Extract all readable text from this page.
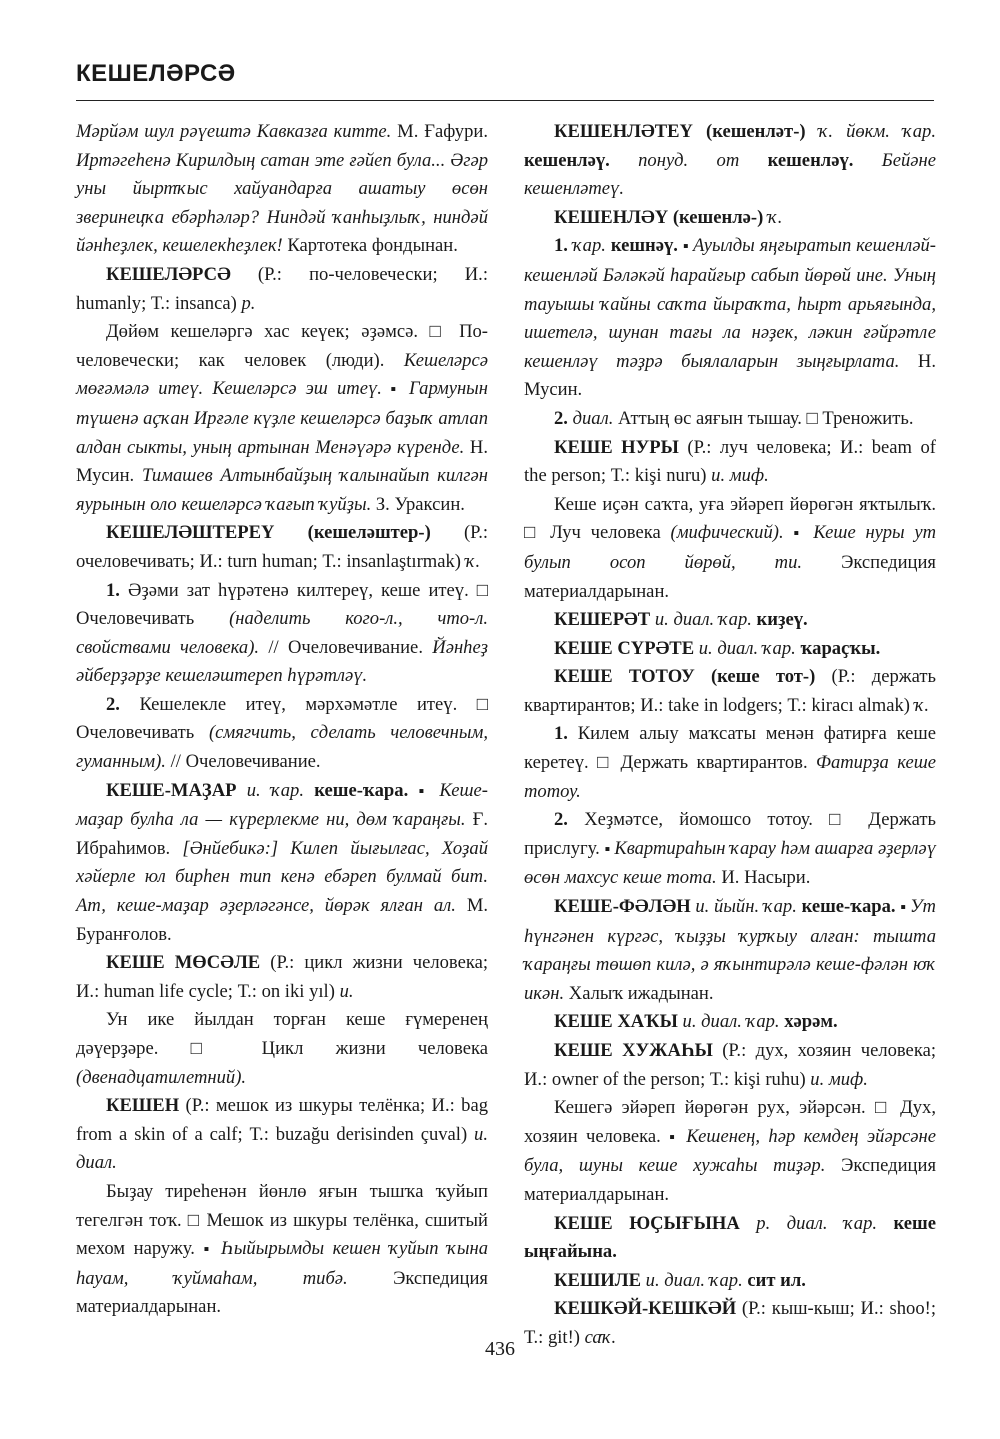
КЕШЕЛӘРСӘ

Мәрйәм шул рәүештә Кавказға китте. М. Ғафури. Иртәгеһенә Кирилдың сатан эте ғәйеп була... Әгәр уны йыртҡыс хайуандарға ашатыу өсөн зверинецҡа ебәрһәләр? Ниндәй ҡанһыҙлыҡ, ниндәй йәнһеҙлек, кешелекһеҙлек! Картотека фондынан.

КЕШЕЛӘРСӘ (Р.: по-человечески; И.: humanly; Т.: insanca) р.

Дөйөм кешеләргә хас кеүек; әҙәмсә. □ По-человечески; как человек (люди). Кешеләрсә мөғәмәлә итеү. Кешеләрсә эш итеү. ▪ Гармунын түшенә аҫҡан Ирғәле күҙле кешеләрсә баҙыҡ атлап алдан сыкты, уның артынан Менәүәрә күренде. Н. Мусин. Тимашев Алтынбайҙың ҡалынайып килгән яурынын оло кешеләрсә ҡағып ҡуйҙы. З. Ураксин.

КЕШЕЛӘШТЕРЕҮ (кешеләштер-) (Р.: очеловечивать; И.: turn human; Т.: insanlaştırmak) ҡ.

1. Әҙәми зат һүрәтенә килтереү, кеше итеү. □ Очеловечивать (наделить кого-л., что-л. свойствами человека). // Очеловечивание. Йәнһеҙ әйберҙәрҙе кешеләштереп һүрәтләү.

2. Кешелекле итеү, мәрхәмәтле итеү. □ Очеловечивать (смягчить, сделать человечным, гуманным). // Очеловечивание.

КЕШЕ-МАҘАР и. ҡар. кеше-ҡара. ▪ Кеше-маҙар булһа ла — күрерлекме ни, дөм ҡараңғы. Ғ. Ибраһимов. [Әнйебикә:] Килеп йығылғас, Хоҙай хәйерле юл бирһен тип кенә ебәреп булмай бит. Ат, кеше-маҙар әҙерләгәнсе, йөрәк ялған ал. М. Буранғолов.

КЕШЕ МӨСӘЛЕ (Р.: цикл жизни человека; И.: human life cycle; Т.: on iki yıl) и.

Ун ике йылдан торған кеше ғүмеренең дәүерҙәре. □ Цикл жизни человека (двенадцатилетний).

КЕШЕН (Р.: мешок из шкуры телёнка; И.: bag from a skin of a calf; Т.: buzağu derisinden çuval) и. диал.

Быҙау тиреһенән йөнлө яғын тышҡа ҡуйып тегелгән тоҡ. □ Мешок из шкуры телёнка, сшитый мехом наружу. ▪ Һыйырымды кешен ҡуйып ҡына һауам, ҡуймаһам, тибә. Экспедиция материалдарынан.

КЕШЕНЛӘТЕҮ (кешенләт-) ҡ. йөкм. ҡар. кешенләү. понуд. от кешенләү. Бейәне кешенләтеү.

КЕШЕНЛӘҮ (кешенлә-) ҡ.

1. ҡар. кешнәү. ▪ Ауылды яңғыратып кешенләй-кешенләй Бәләкәй һарайғыр сабып йөрөй ине. Уның тауышы ҡайны саҡта йыраҡта, һырт арьяғында, ишетелә, шунан тағы ла нәҙек, ләкин ғәйрәтле кешенләү тәҙрә быялаларын зыңғырлата. Н. Мусин.

2. диал. Аттың өс аяғын тышау. □ Треножить.

КЕШЕ НУРЫ (Р.: луч человека; И.: beam of the person; Т.: kişi nuru) и. миф.

Кеше иҫән саҡта, уға эйәреп йөрөгән яҡтылыҡ. □ Луч человека (мифический). ▪ Кеше нуры ут булып осоп йөрөй, ти. Экспедиция материалдарынан.

КЕШЕРӘТ и. диал. ҡар. киҙеү.

КЕШЕ СҮРӘТЕ и. диал. ҡар. ҡараҫҡы.

КЕШЕ ТОТОУ (кеше тот-) (Р.: держать квартирантов; И.: take in lodgers; Т.: kiracı almak) ҡ.

1. Килем алыу маҡсаты менән фатирға кеше керетеү. □ Держать квартирантов. Фатирҙа кеше тотоу.

2. Хеҙмәтсе, йомошсо тотоу. □ Держать прислугу. ▪ Квартираһын ҡарау һәм ашарға әҙерләү өсөн махсус кеше тота. И. Насыри.

КЕШЕ-ФӘЛӘН и. йыйн. ҡар. кеше-ҡара. ▪ Ут һүнгәнен күргәс, ҡыҙҙы ҡурҡыу алған: тышта ҡараңғы төшөп килә, ә яҡынтирәлә кеше-фәлән юҡ икән. Халыҡ ижадынан.

КЕШЕ ХАҠЫ и. диал. ҡар. хәрәм.

КЕШЕ ХУЖАҺЫ (Р.: дух, хозяин человека; И.: owner of the person; Т.: kişi ruhu) и. миф.

Кешегә эйәреп йөрөгән рух, эйәрсән. □ Дух, хозяин человека. ▪ Кешенең, һәр кемдең эйәрсәне була, шуны кеше хужаһы тиҙәр. Экспедиция материалдарынан.

КЕШЕ ЮҪЫҒЫНА р. диал. ҡар. кеше ыңғайына.

КЕШИЛЕ и. диал. ҡар. сит ил.

КЕШКӘЙ-КЕШКӘЙ (Р.: кыш-кыш; И.: shoo!; Т.: git!) саҡ.

436
